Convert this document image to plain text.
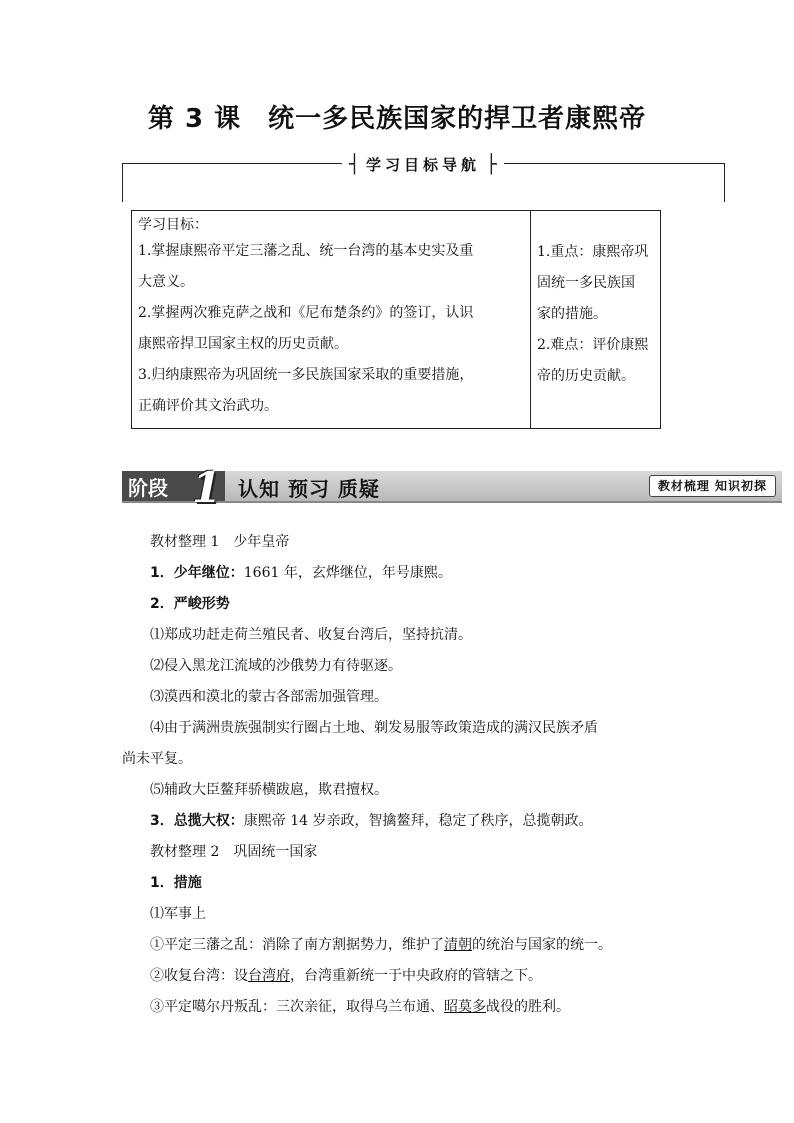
第 3 课　统一多民族国家的捍卫者康熙帝
┤ 学习目标导航 ├
学习目标：
1.掌握康熙帝平定三藩之乱、统一台湾的基本史实及重
大意义。
2.掌握两次雅克萨之战和《尼布楚条约》的签订，认识
康熙帝捍卫国家主权的历史贡献。
3.归纳康熙帝为巩固统一多民族国家采取的重要措施，
正确评价其文治武功。
1.重点：康熙帝巩
固统一多民族国
家的措施。
2.难点：评价康熙
帝的历史贡献。
阶段 1 认知 预习 质疑	教材梳理 知识初探
教材整理 1　少年皇帝
1．少年继位：1661 年，玄烨继位，年号康熙。
2．严峻形势
⑴郑成功赶走荷兰殖民者、收复台湾后，坚持抗清。
⑵侵入黑龙江流域的沙俄势力有待驱逐。
⑶漠西和漠北的蒙古各部需加强管理。
⑷由于满洲贵族强制实行圈占土地、剃发易服等政策造成的满汉民族矛盾
尚未平复。
⑸辅政大臣鳌拜骄横跋扈，欺君擅权。
3．总揽大权：康熙帝 14 岁亲政，智擒鳌拜，稳定了秩序，总揽朝政。
教材整理 2　巩固统一国家
1．措施
⑴军事上
①平定三藩之乱：消除了南方割据势力，维护了清朝的统治与国家的统一。
②收复台湾：设台湾府，台湾重新统一于中央政府的管辖之下。
③平定噶尔丹叛乱：三次亲征，取得乌兰布通、昭莫多战役的胜利。
